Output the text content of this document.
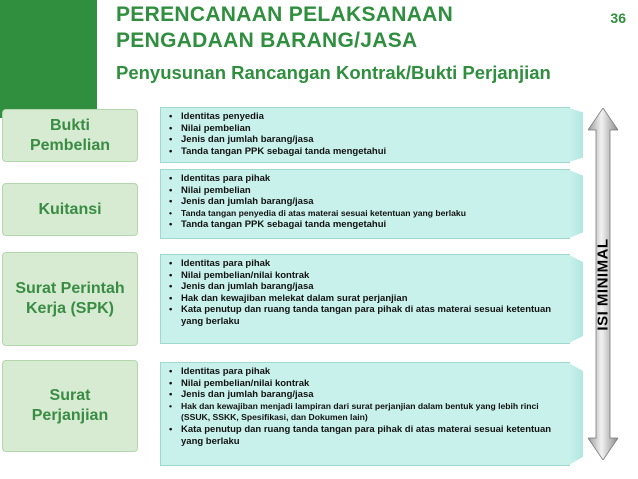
PERENCANAAN PELAKSANAAN
PENGADAAN BARANG/JASA
Penyusunan Rancangan Kontrak/Bukti Perjanjian
36
Bukti Pembelian
• Identitas penyedia
• Nilai pembelian
• Jenis dan jumlah barang/jasa
• Tanda tangan PPK sebagai tanda mengetahui
Kuitansi
• Identitas para pihak
• Nilai pembelian
• Jenis dan jumlah barang/jasa
• Tanda tangan penyedia di atas materai sesuai ketentuan yang berlaku
• Tanda tangan PPK sebagai tanda mengetahui
Surat Perintah Kerja (SPK)
• Identitas para pihak
• Nilai pembelian/nilai kontrak
• Jenis dan jumlah barang/jasa
• Hak dan kewajiban melekat dalam surat perjanjian
• Kata penutup dan ruang tanda tangan para pihak di atas materai sesuai ketentuan yang berlaku
Surat Perjanjian
• Identitas para pihak
• Nilai pembelian/nilai kontrak
• Jenis dan jumlah barang/jasa
• Hak dan kewajiban menjadi lampiran dari surat perjanjian dalam bentuk yang lebih rinci (SSUK, SSKK, Spesifikasi, dan Dokumen lain)
• Kata penutup dan ruang tanda tangan para pihak di atas materai sesuai ketentuan yang berlaku
ISI MINIMAL
